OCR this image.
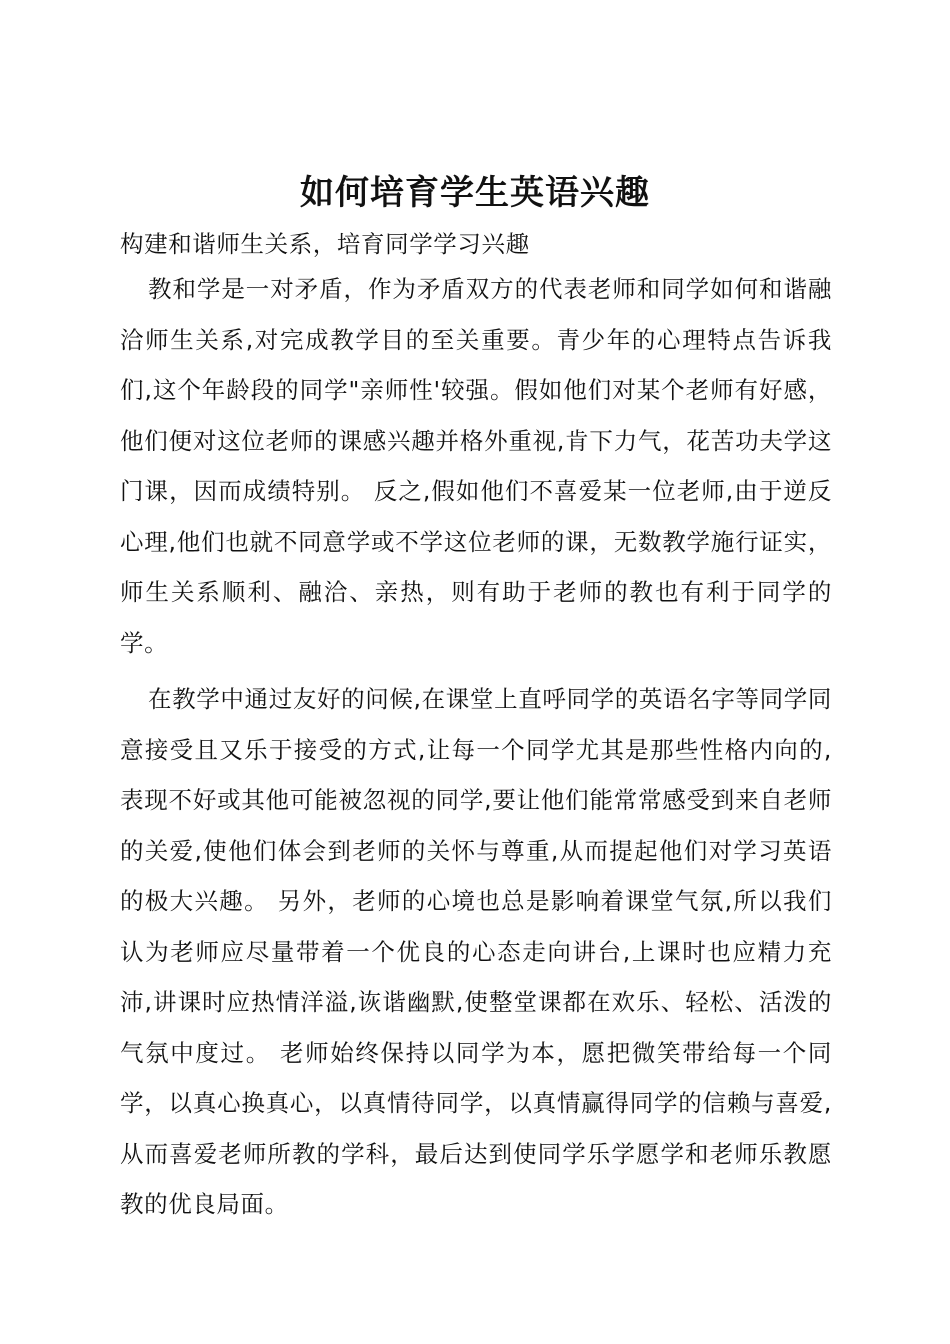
如何培育学生英语兴趣

构建和谐师生关系，培育同学学习兴趣

教和学是一对矛盾，作为矛盾双方的代表老师和同学如何和谐融洽师生关系,对完成教学目的至关重要。青少年的心理特点告诉我们,这个年龄段的同学"亲师性'较强。假如他们对某个老师有好感，他们便对这位老师的课感兴趣并格外重视,肯下力气，花苦功夫学这门课，因而成绩特别。 反之,假如他们不喜爱某一位老师,由于逆反心理,他们也就不同意学或不学这位老师的课，无数教学施行证实，师生关系顺利、融洽、亲热，则有助于老师的教也有利于同学的学。

在教学中通过友好的问候,在课堂上直呼同学的英语名字等同学同意接受且又乐于接受的方式,让每一个同学尤其是那些性格内向的,表现不好或其他可能被忽视的同学,要让他们能常常感受到来自老师的关爱,使他们体会到老师的关怀与尊重,从而提起他们对学习英语的极大兴趣。 另外，老师的心境也总是影响着课堂气氛,所以我们认为老师应尽量带着一个优良的心态走向讲台,上课时也应精力充沛,讲课时应热情洋溢,诙谐幽默,使整堂课都在欢乐、轻松、活泼的气氛中度过。 老师始终保持以同学为本，愿把微笑带给每一个同学，以真心换真心，以真情待同学，以真情赢得同学的信赖与喜爱,从而喜爱老师所教的学科，最后达到使同学乐学愿学和老师乐教愿教的优良局面。
